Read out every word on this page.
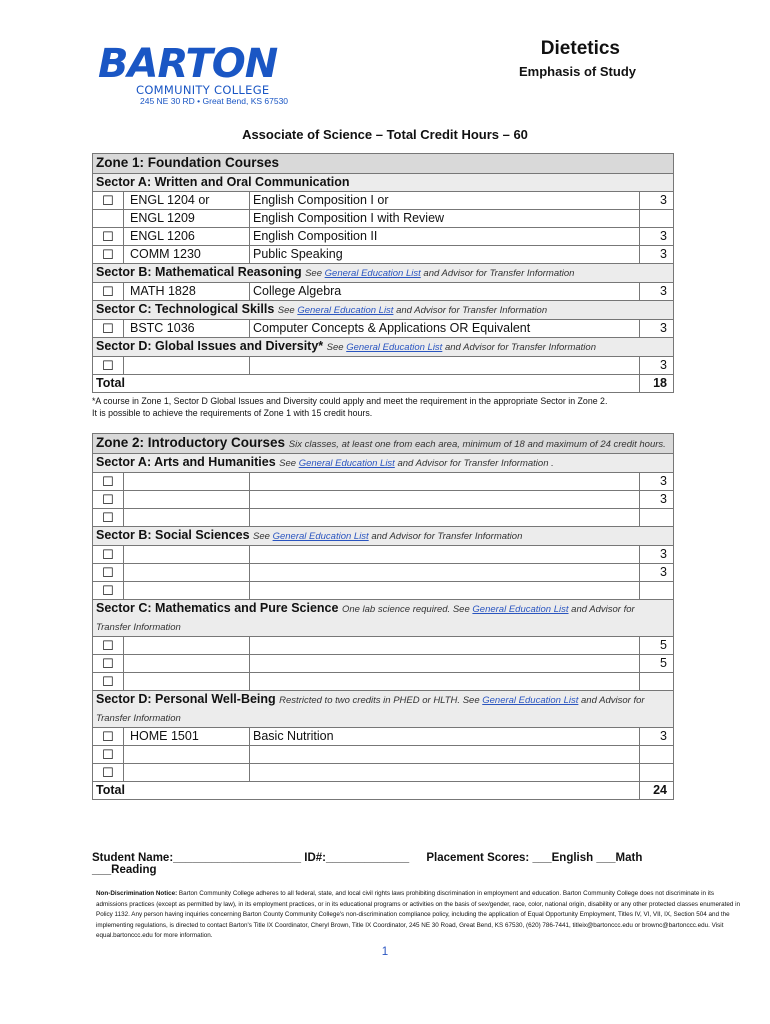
BARTON
COMMUNITY COLLEGE
245 NE 30 RD • Great Bend, KS 67530
Dietetics
Emphasis of Study
Associate of Science – Total Credit Hours – 60
Zone 1: Foundation Courses			
Sector A: Written and Oral Communication			
☐	ENGL 1204 or	English Composition I or	3
	ENGL 1209	English Composition I with Review	
☐	ENGL 1206	English Composition II	3
☐	COMM 1230	Public Speaking	3
Sector B: Mathematical Reasoning See General Education List and Advisor for Transfer Information			
☐	MATH 1828	College Algebra	3
Sector C: Technological Skills See General Education List and Advisor for Transfer Information			
☐	BSTC 1036	Computer Concepts & Applications OR Equivalent	3
Sector D: Global Issues and Diversity* See General Education List and Advisor for Transfer Information			
☐			3
Total			18
*A course in Zone 1, Sector D Global Issues and Diversity could apply and meet the requirement in the appropriate Sector in Zone 2.
It is possible to achieve the requirements of Zone 1 with 15 credit hours.
Zone 2: Introductory Courses Six classes, at least one from each area, minimum of 18 and maximum of 24 credit hours.			
Sector A: Arts and Humanities See General Education List and Advisor for Transfer Information .			
☐			3
☐			3
☐			
Sector B: Social Sciences See General Education List and Advisor for Transfer Information			
☐			3
☐			3
☐			
Sector C: Mathematics and Pure Science One lab science required. See General Education List and Advisor for Transfer Information			
☐			5
☐			5
☐			
Sector D: Personal Well-Being Restricted to two credits in PHED or HLTH. See General Education List and Advisor for Transfer Information			
☐	HOME 1501	Basic Nutrition	3
☐			
☐			
Total			24
Student Name:____________________ ID#:_____________ Placement Scores: ___English ___Math ___Reading
Non-Discrimination Notice: Barton Community College adheres to all federal, state, and local civil rights laws prohibiting discrimination in employment and education. Barton Community College does not discriminate in its admissions practices (except as permitted by law), in its employment practices, or in its educational programs or activities on the basis of sex/gender, race, color, national origin, disability or any other protected classes enumerated in Policy 1132. Any person having inquiries concerning Barton County Community College's non-discrimination compliance policy, including the application of Equal Opportunity Employment, Titles IV, VI, VII, IX, Section 504 and the implementing regulations, is directed to contact Barton's Title IX Coordinator, Cheryl Brown, Title IX Coordinator, 245 NE 30 Road, Great Bend, KS 67530, (620) 786-7441, titleix@bartonccc.edu or brownc@bartonccc.edu. Visit equal.bartonccc.edu for more information.
1
